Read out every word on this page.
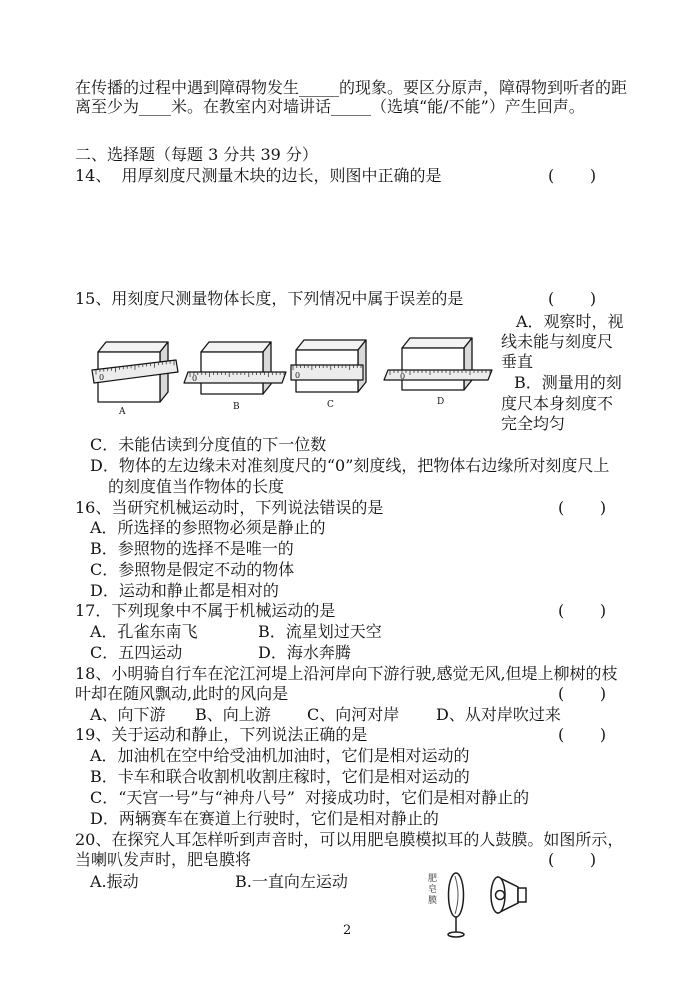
在传播的过程中遇到障碍物发生_____的现象。要区分原声，障碍物到听者的距
离至少为____米。在教室内对墙讲话_____（选填“能/不能”）产生回声。
二、选择题（每题 3 分共 39 分）
14、  用厚刻度尺测量木块的边长，则图中正确的是	(       )
15、用刻度尺测量物体长度，下列情况中属于误差的是	(       )
0
A
0
B
0
C
0
D
A．观察时，视
线未能与刻度尺
垂直
B．测量用的刻
度尺本身刻度不
完全均匀
C．未能估读到分度值的下一位数
D．物体的左边缘未对准刻度尺的“0”刻度线，把物体右边缘所对刻度尺上
的刻度值当作物体的长度
16、当研究机械运动时，下列说法错误的是	(       )
A．所选择的参照物必须是静止的
B．参照物的选择不是唯一的
C．参照物是假定不动的物体
D．运动和静止都是相对的
17．下列现象中不属于机械运动的是	(       )
A．孔雀东南飞	B．流星划过天空
C．五四运动	D．海水奔腾
18、小明骑自行车在沱江河堤上沿河岸向下游行驶,感觉无风,但堤上柳树的枝
叶却在随风飘动,此时的风向是	(       )
A、向下游 B、向上游 C、向河对岸 D、从对岸吹过来
19、关于运动和静止，下列说法正确的是	(       )
A．加油机在空中给受油机加油时，它们是相对运动的
B．卡车和联合收割机收割庄稼时，它们是相对运动的
C．“天宫一号”与“神舟八号”  对接成功时，它们是相对静止的
D．两辆赛车在赛道上行驶时，它们是相对静止的
20、在探究人耳怎样听到声音时，可以用肥皂膜模拟耳的人鼓膜。如图所示，
当喇叭发声时，肥皂膜将	(       )
A.振动	B.一直向左运动	肥皂膜
2
